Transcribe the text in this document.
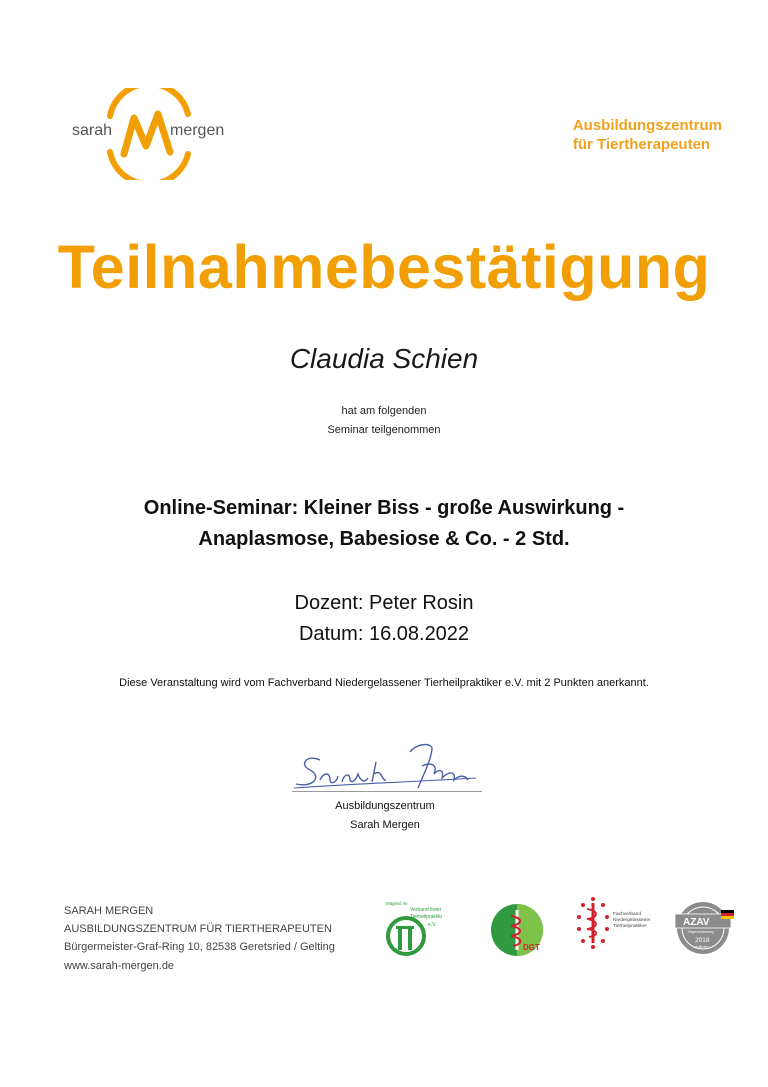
sarah	mergen	Ausbildungszentrum
für Tiertherapeuten
Teilnahmebestätigung
Claudia Schien
hat am folgenden
Seminar teilgenommen
Online-Seminar: Kleiner Biss - große Auswirkung -
Anaplasmose, Babesiose & Co. - 2 Std.
Dozent: Peter Rosin
Datum: 16.08.2022
Diese Veranstaltung wird vom Fachverband Niedergelassener Tierheilpraktiker e.V. mit 2 Punkten anerkannt.
Ausbildungszentrum
Sarah Mergen
SARAH MERGEN
AUSBILDUNGSZENTRUM FÜR TIERTHERAPEUTEN
Bürgermeister-Graf-Ring 10, 82538 Geretsried / Gelting
www.sarah-mergen.de
Mitglied im
Verband freier
Tierheilpraktiker
e.V.
DGT
Fachverband
Niedergelassener
Tierheilpraktiker	AZAV
Trägerzulassung
2018
zertifiziert
